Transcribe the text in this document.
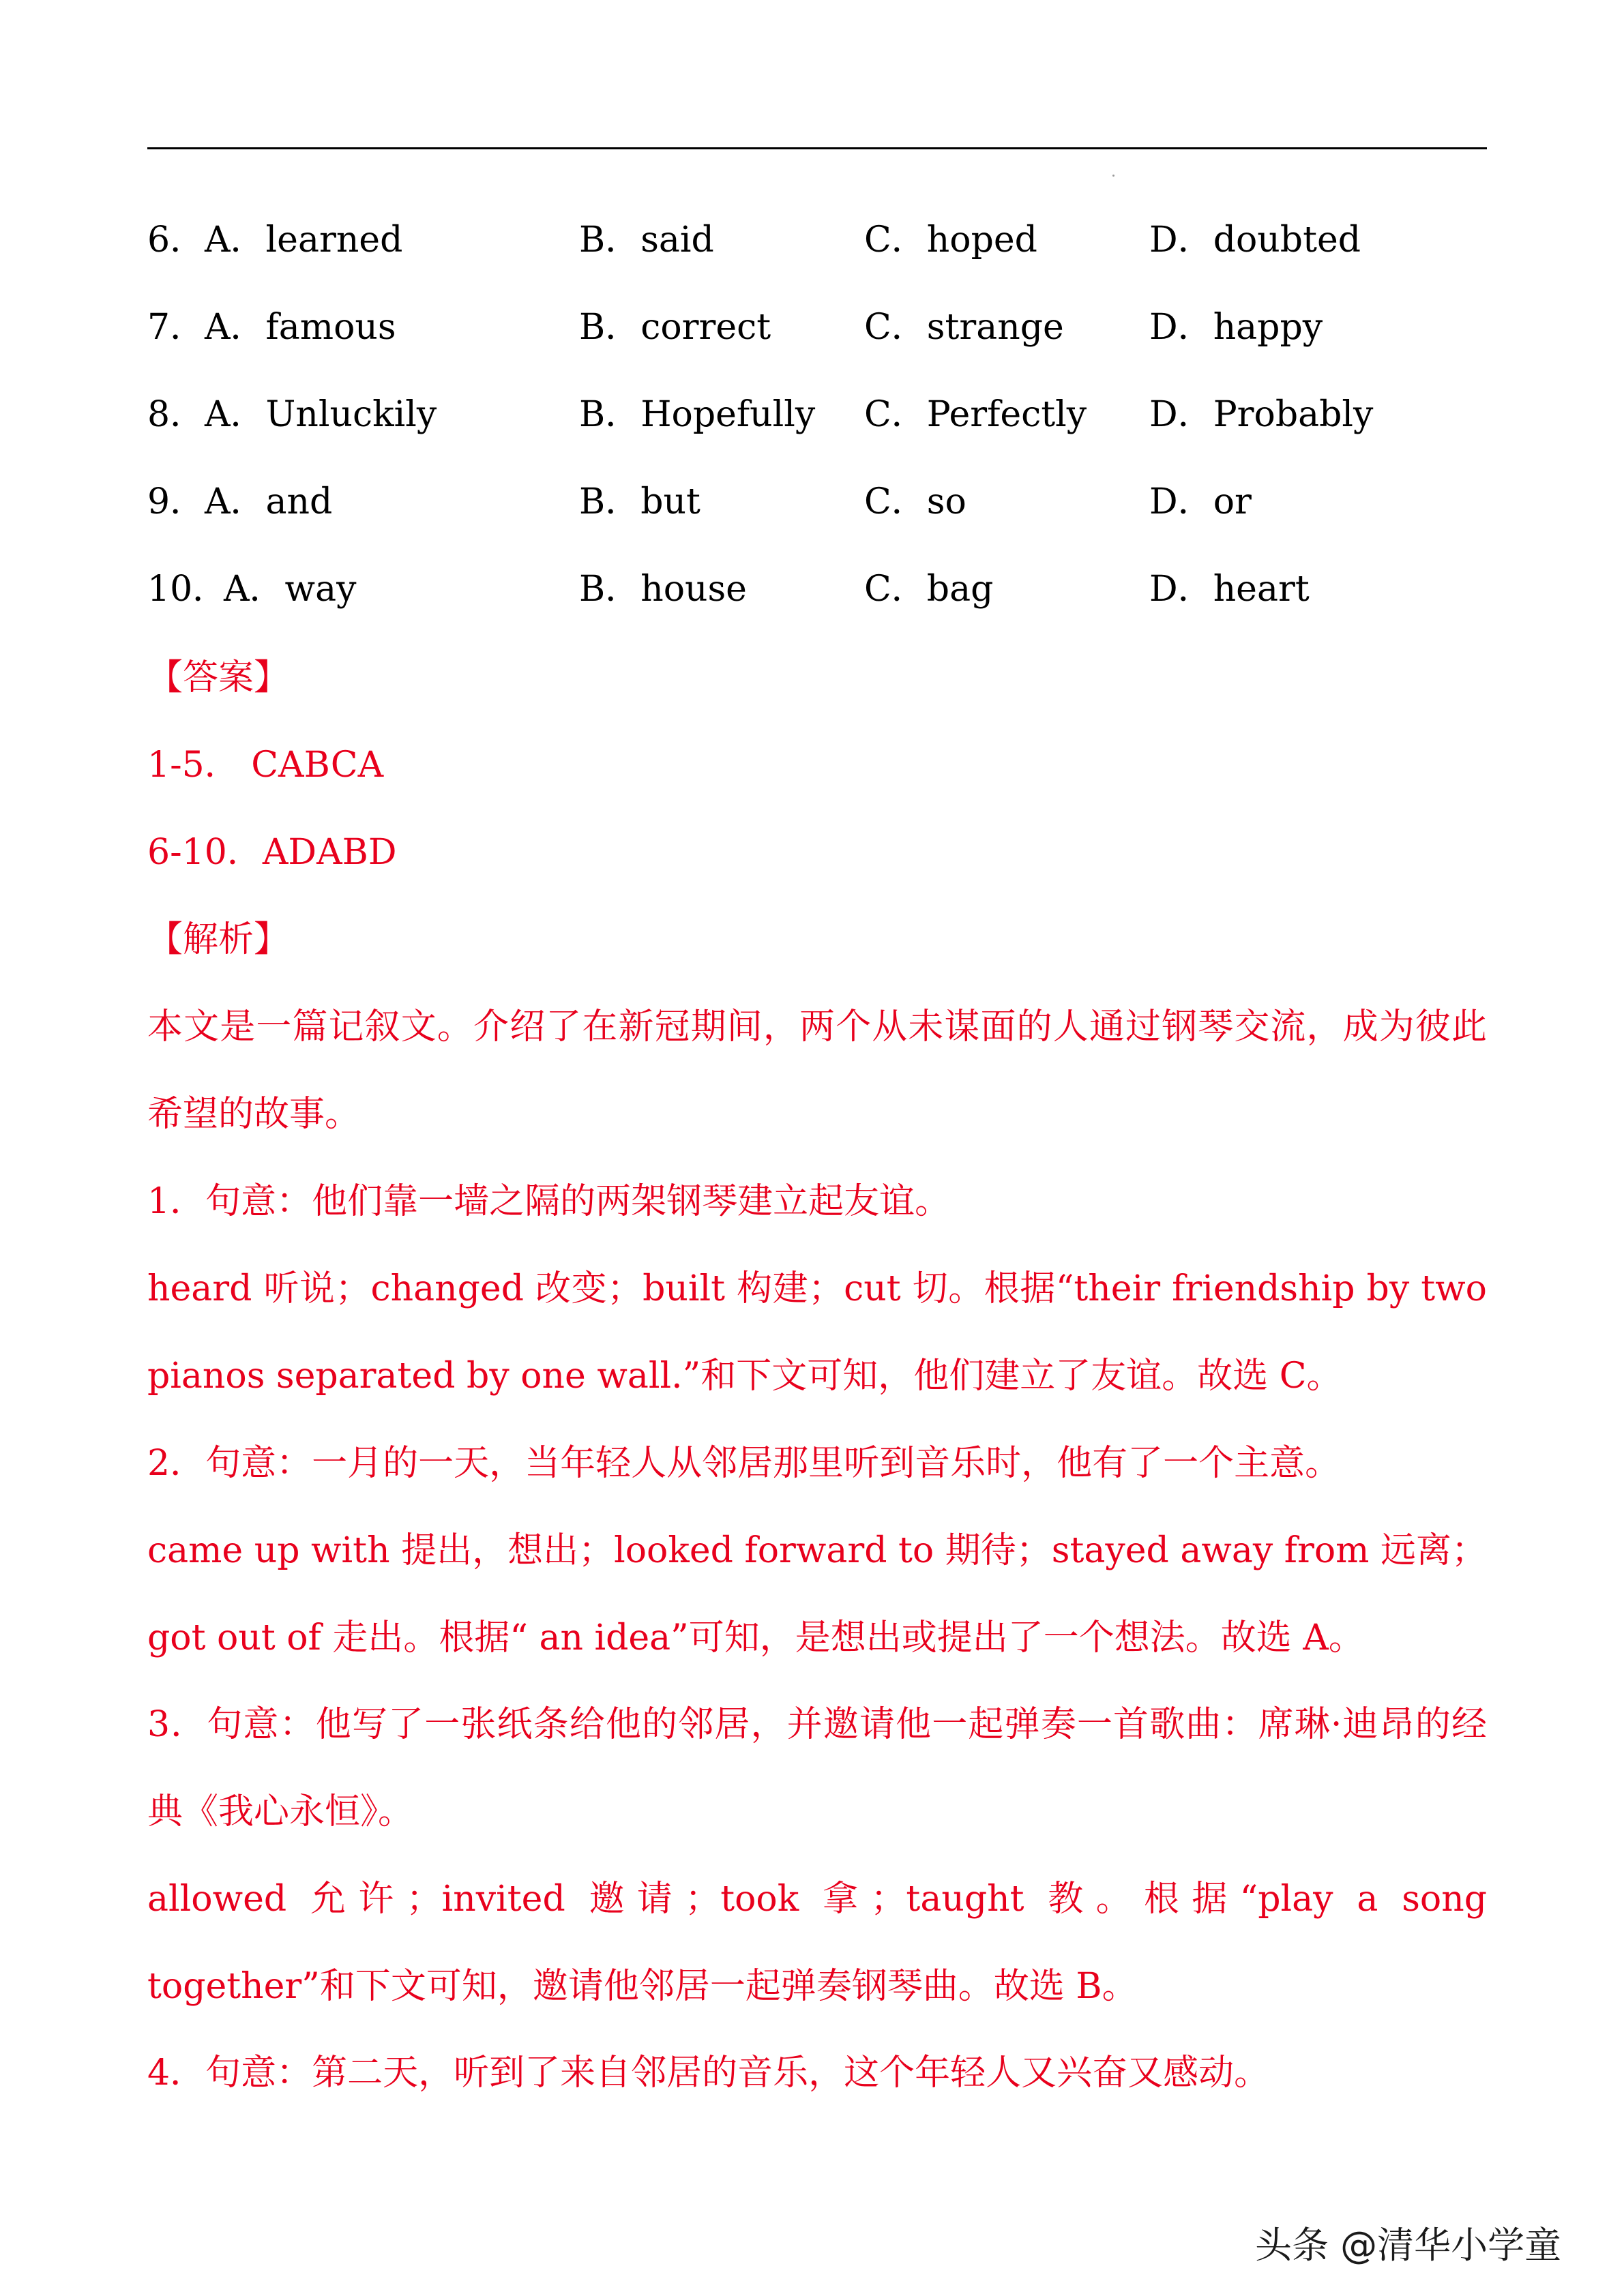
6．
A．learned	B．said	C．hoped	D．doubted
7．
A．famous	B．correct	C．strange D．happy
8．
A．Unluckily	B．Hopefully C．Perfectly D．Probably
9．
A．and	B．but	C．so	D．or
10．
A．way	B．house	C．bag	D．heart
【答案】
1-5． CABCA
6-10．ADABD
【解析】
本文是一篇记叙文。介绍了在新冠期间，两个从未谋面的人通过钢琴交流，成为彼此希望的故事。
1．句意：他们靠一墙之隔的两架钢琴建立起友谊。
heard 听说；changed 改变；built 构建；cut 切。根据“their friendship by two pianos separated by one wall.”和下文可知，他们建立了友谊。故选 C。
2．句意：一月的一天，当年轻人从邻居那里听到音乐时，他有了一个主意。
came up with 提出，想出；looked forward to 期待；stayed away from 远离；got out of 走出。根据“ an idea”可知，是想出或提出了一个想法。故选 A。
3．句意：他写了一张纸条给他的邻居，并邀请他一起弹奏一首歌曲：席琳·迪昂的经典《我心永恒》。
allowed 允许；invited 邀请；took 拿；taught 教。根据“play a song together”和下文可知，邀请他邻居一起弹奏钢琴曲。故选 B。
4．句意：第二天，听到了来自邻居的音乐，这个年轻人又兴奋又感动。
头条 @清华小学童
